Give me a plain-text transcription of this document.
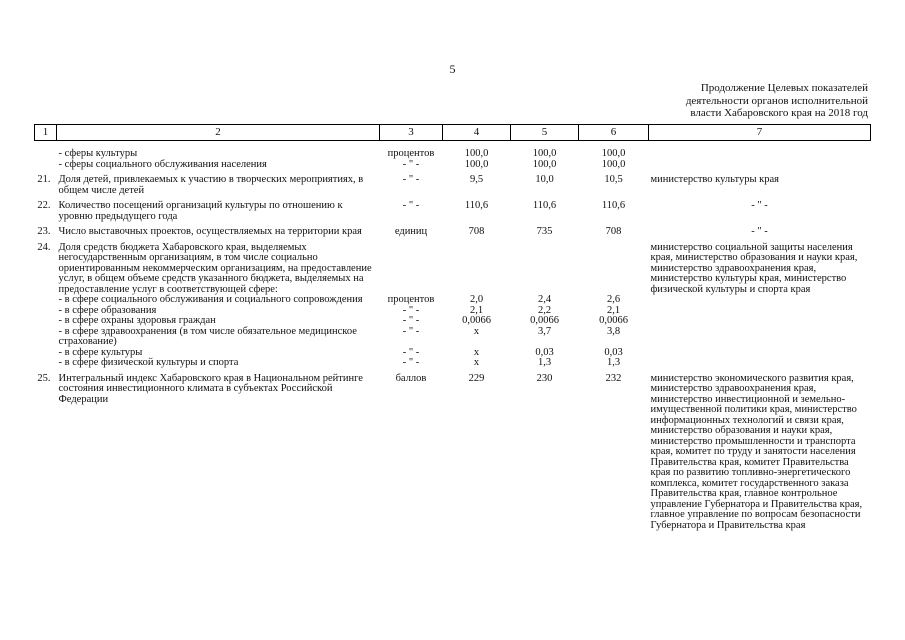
5
Продолжение Целевых показателей
деятельности органов исполнительной
власти Хабаровского края на 2018 год
1	2	3	4	5	6	7
	- сферы культуры	процентов	100,0	100,0	100,0	
	- сферы социального обслуживания населения	- " -	100,0	100,0	100,0	
21.	Доля детей, привлекаемых к участию в творческих мероприятиях, в общем числе детей	- " -	9,5	10,0	10,5	министерство культуры края
22.	Количество посещений организаций культуры по отношению к уровню предыдущего года	- " -	110,6	110,6	110,6	- " -
23.	Число выставочных проектов, осуществляемых на территории края	единиц	708	735	708	- " -
24.	Доля средств бюджета Хабаровского края, выделяемых негосударственным организациям, в том числе социально ориентированным некоммерческим организациям, на предоставление услуг, в общем объеме средств указанного бюджета, выделяемых на предоставление услуг в соответствующей сфере:					министерство социальной защиты населения края, министерство образования и науки края, министерство здравоохранения края, министерство культуры края, министерство физической культуры и спорта края
	- в сфере социального обслуживания и социального сопровождения	процентов	2,0	2,4	2,6	
	- в сфере образования	- " -	2,1	2,2	2,1	
	- в сфере охраны здоровья граждан	- " -	0,0066	0,0066	0,0066	
	- в сфере здравоохранения (в том числе обязательное медицинское страхование)	- " -	х	3,7	3,8	
	- в сфере культуры	- " -	х	0,03	0,03	
	- в сфере физической культуры и спорта	- " -	х	1,3	1,3	
25.	Интегральный индекс Хабаровского края в Национальном рейтинге состояния инвестиционного климата в субъектах Российской Федерации	баллов	229	230	232	министерство экономического развития края, министерство здравоохранения края, министерство инвестиционной и земельно-имущественной политики края, министерство информационных технологий и связи края, министерство образования и науки края, министерство промышленности и транспорта края, комитет по труду и занятости населения Правительства края, комитет Правительства края по развитию топливно-энергетического комплекса, комитет государственного заказа Правительства края, главное контрольное управление Губернатора и Правительства края, главное управление по вопросам безопасности Губернатора и Правительства края
